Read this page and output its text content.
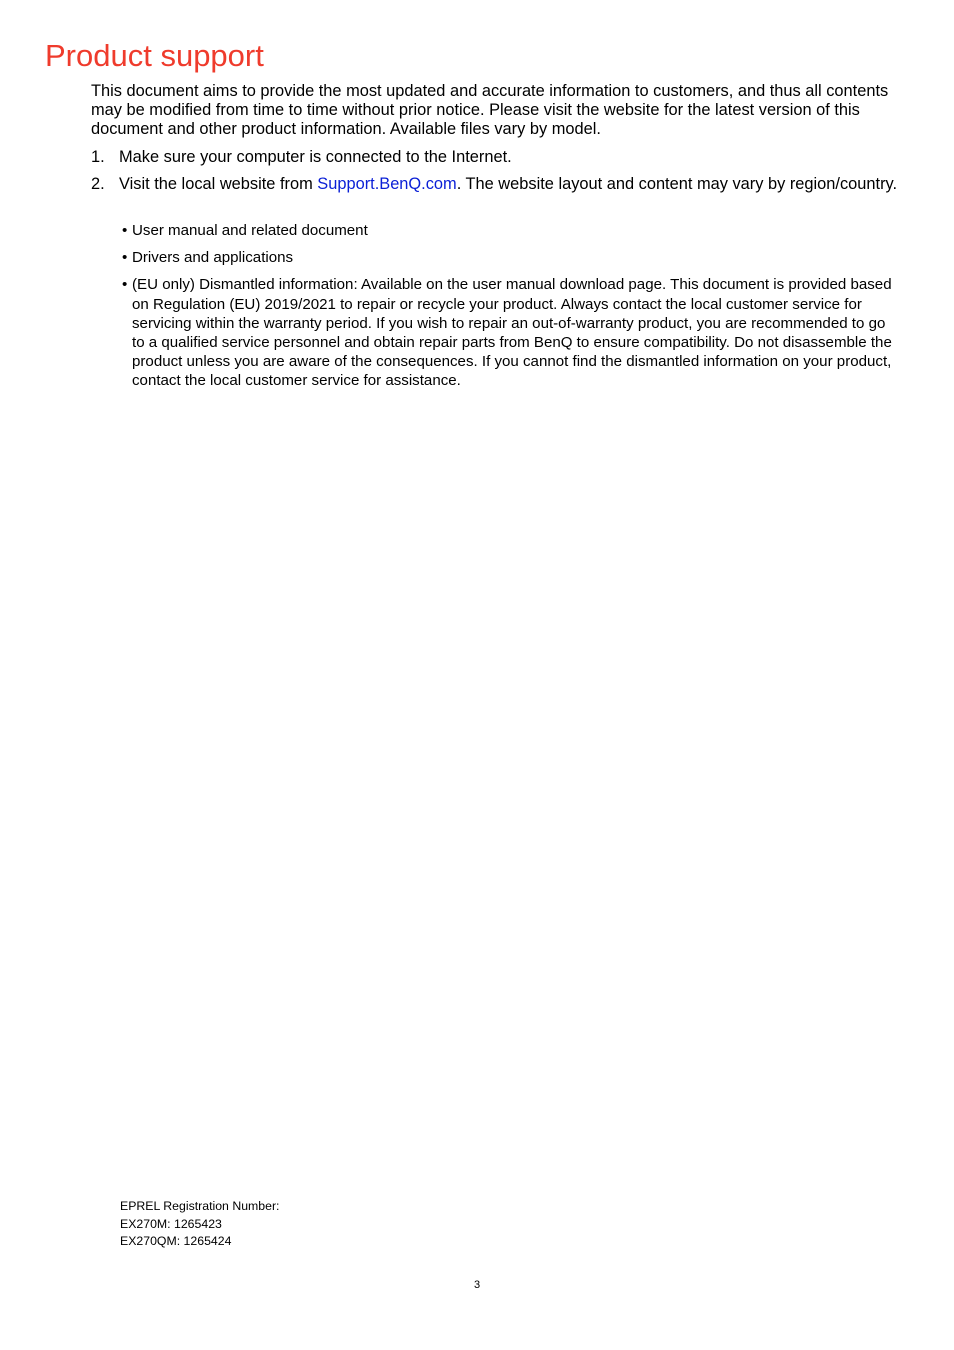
Product support

This document aims to provide the most updated and accurate information to customers, and thus all contents may be modified from time to time without prior notice. Please visit the website for the latest version of this document and other product information. Available files vary by model.

1. Make sure your computer is connected to the Internet.
2. Visit the local website from Support.BenQ.com. The website layout and content may vary by region/country.
• User manual and related document
• Drivers and applications
• (EU only) Dismantled information: Available on the user manual download page. This document is provided based on Regulation (EU) 2019/2021 to repair or recycle your product. Always contact the local customer service for servicing within the warranty period. If you wish to repair an out-of-warranty product, you are recommended to go to a qualified service personnel and obtain repair parts from BenQ to ensure compatibility. Do not disassemble the product unless you are aware of the consequences. If you cannot find the dismantled information on your product, contact the local customer service for assistance.
EPREL Registration Number:
EX270M: 1265423
EX270QM: 1265424
3
